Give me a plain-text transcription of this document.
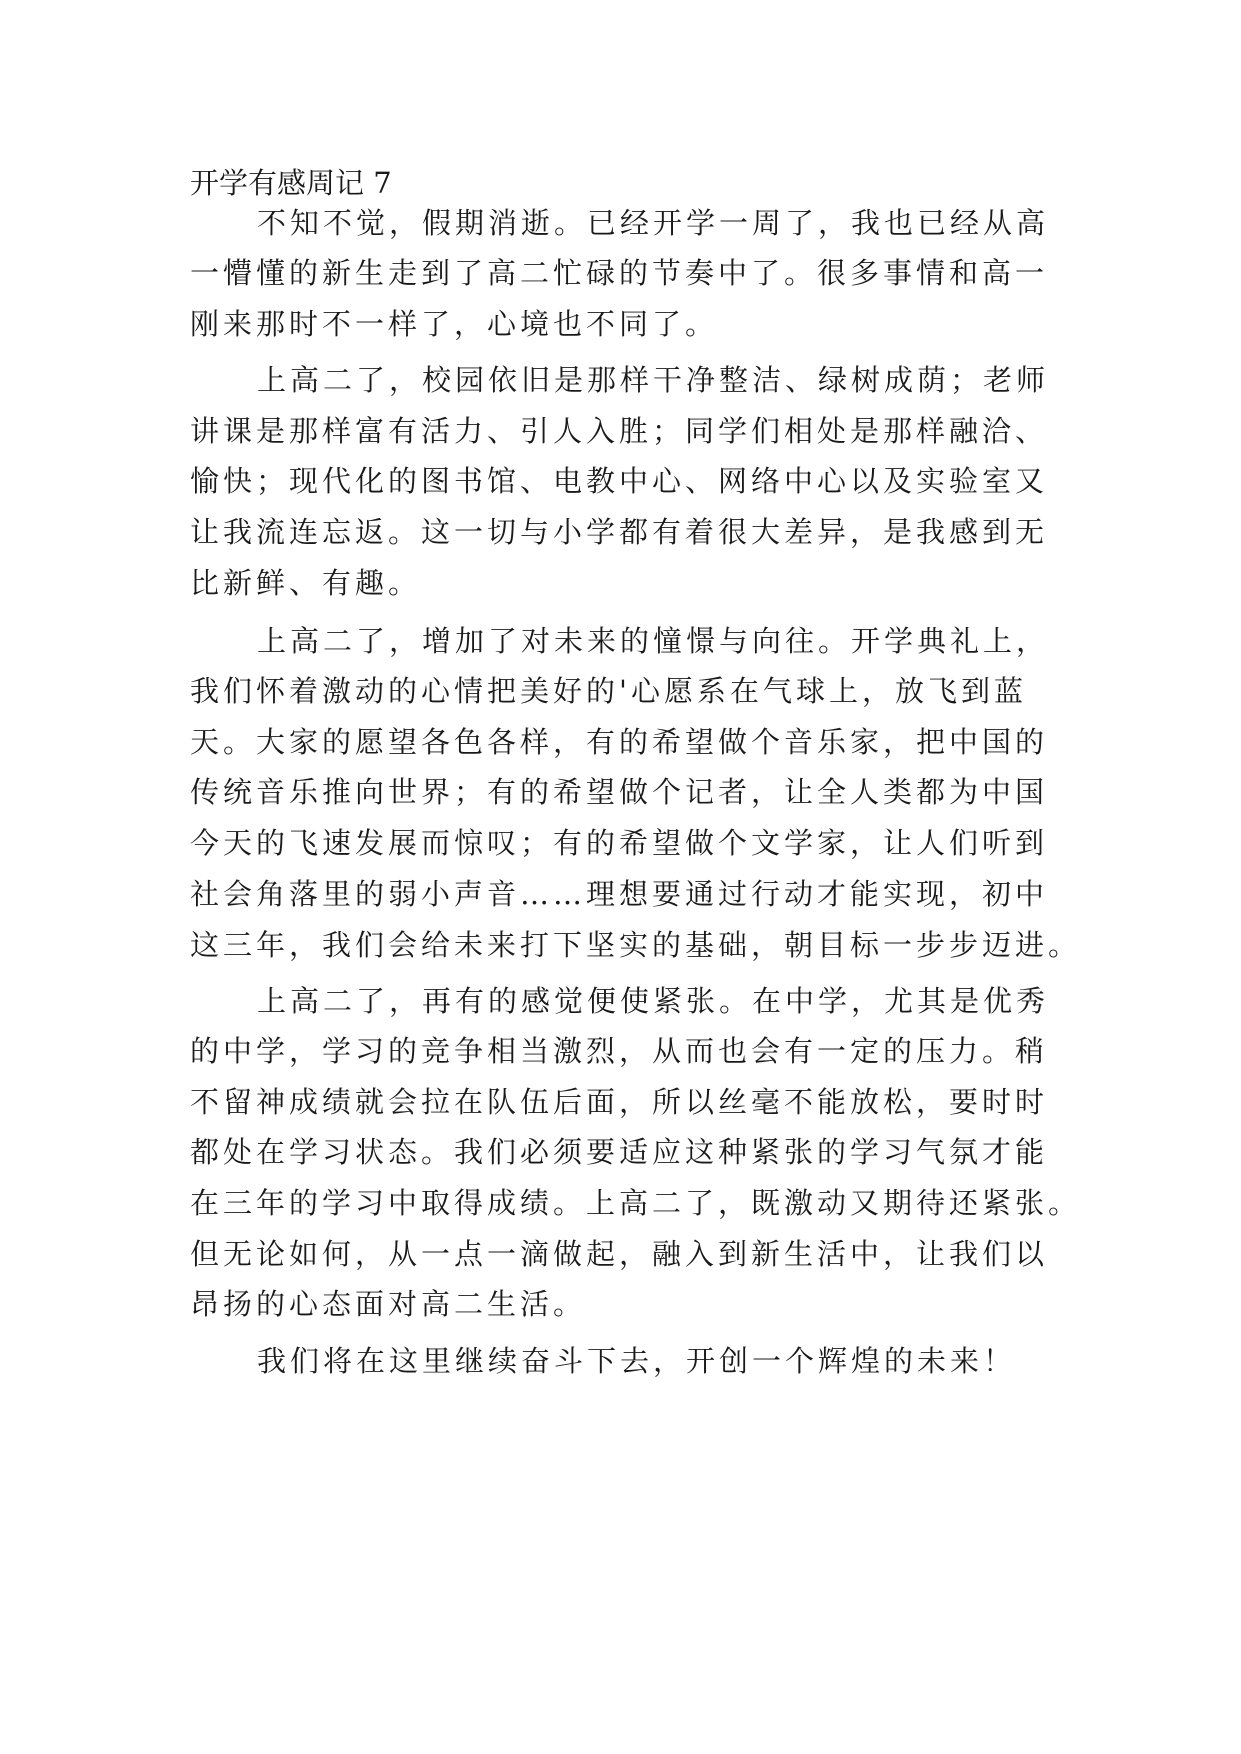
开学有感周记 7
不知不觉，假期消逝。已经开学一周了，我也已经从高
一懵懂的新生走到了高二忙碌的节奏中了。很多事情和高一
刚来那时不一样了，心境也不同了。
上高二了，校园依旧是那样干净整洁、绿树成荫；老师
讲课是那样富有活力、引人入胜；同学们相处是那样融洽、
愉快；现代化的图书馆、电教中心、网络中心以及实验室又
让我流连忘返。这一切与小学都有着很大差异，是我感到无
比新鲜、有趣。
上高二了，增加了对未来的憧憬与向往。开学典礼上，
我们怀着激动的心情把美好的'心愿系在气球上，放飞到蓝
天。大家的愿望各色各样，有的希望做个音乐家，把中国的
传统音乐推向世界；有的希望做个记者，让全人类都为中国
今天的飞速发展而惊叹；有的希望做个文学家，让人们听到
社会角落里的弱小声音……理想要通过行动才能实现，初中
这三年，我们会给未来打下坚实的基础，朝目标一步步迈进。
上高二了，再有的感觉便使紧张。在中学，尤其是优秀
的中学，学习的竞争相当激烈，从而也会有一定的压力。稍
不留神成绩就会拉在队伍后面，所以丝毫不能放松，要时时
都处在学习状态。我们必须要适应这种紧张的学习气氛才能
在三年的学习中取得成绩。上高二了，既激动又期待还紧张。
但无论如何，从一点一滴做起，融入到新生活中，让我们以
昂扬的心态面对高二生活。
我们将在这里继续奋斗下去，开创一个辉煌的未来！
